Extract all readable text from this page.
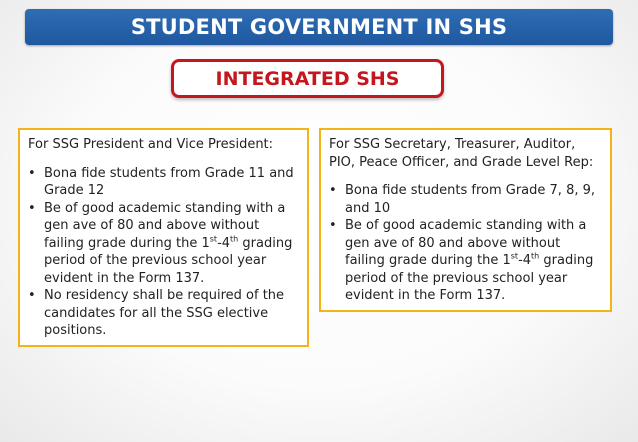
STUDENT GOVERNMENT IN SHS
INTEGRATED SHS

For SSG President and Vice President:

• Bona fide students from Grade 11 and Grade 12
• Be of good academic standing with a gen ave of 80 and above without failing grade during the 1st-4th grading period of the previous school year evident in the Form 137.
• No residency shall be required of the candidates for all the SSG elective positions.

For SSG Secretary, Treasurer, Auditor, PIO, Peace Officer, and Grade Level Rep:

• Bona fide students from Grade 7, 8, 9, and 10
• Be of good academic standing with a gen ave of 80 and above without failing grade during the 1st-4th grading period of the previous school year evident in the Form 137.
